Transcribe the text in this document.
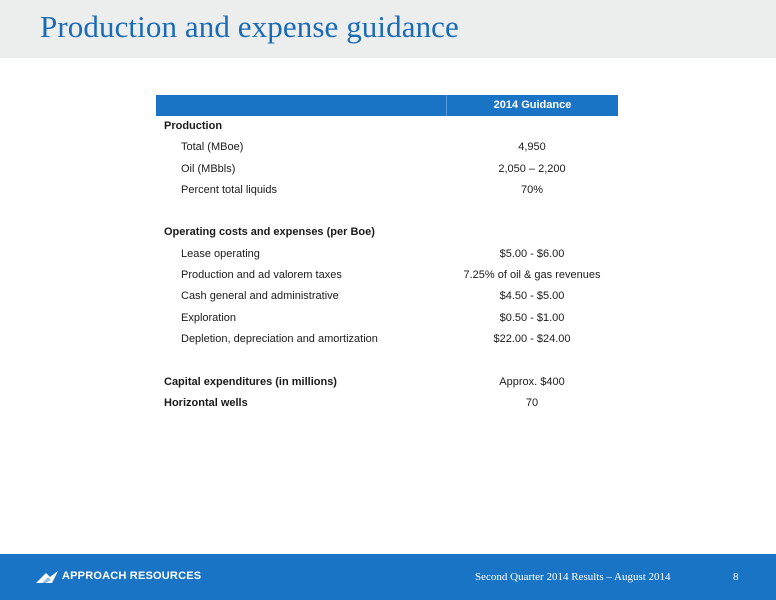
Production and expense guidance
2014 Guidance
Production
Total (MBoe)	4,950
Oil (MBbls)	2,050 – 2,200
Percent total liquids	70%
Operating costs and expenses (per Boe)
Lease operating	$5.00 - $6.00
Production and ad valorem taxes	7.25% of oil & gas revenues
Cash general and administrative	$4.50 - $5.00
Exploration	$0.50 - $1.00
Depletion, depreciation and amortization	$22.00 - $24.00
Capital expenditures (in millions)	Approx. $400
Horizontal wells	70
APPROACH RESOURCES	Second Quarter 2014 Results – August 2014	8
